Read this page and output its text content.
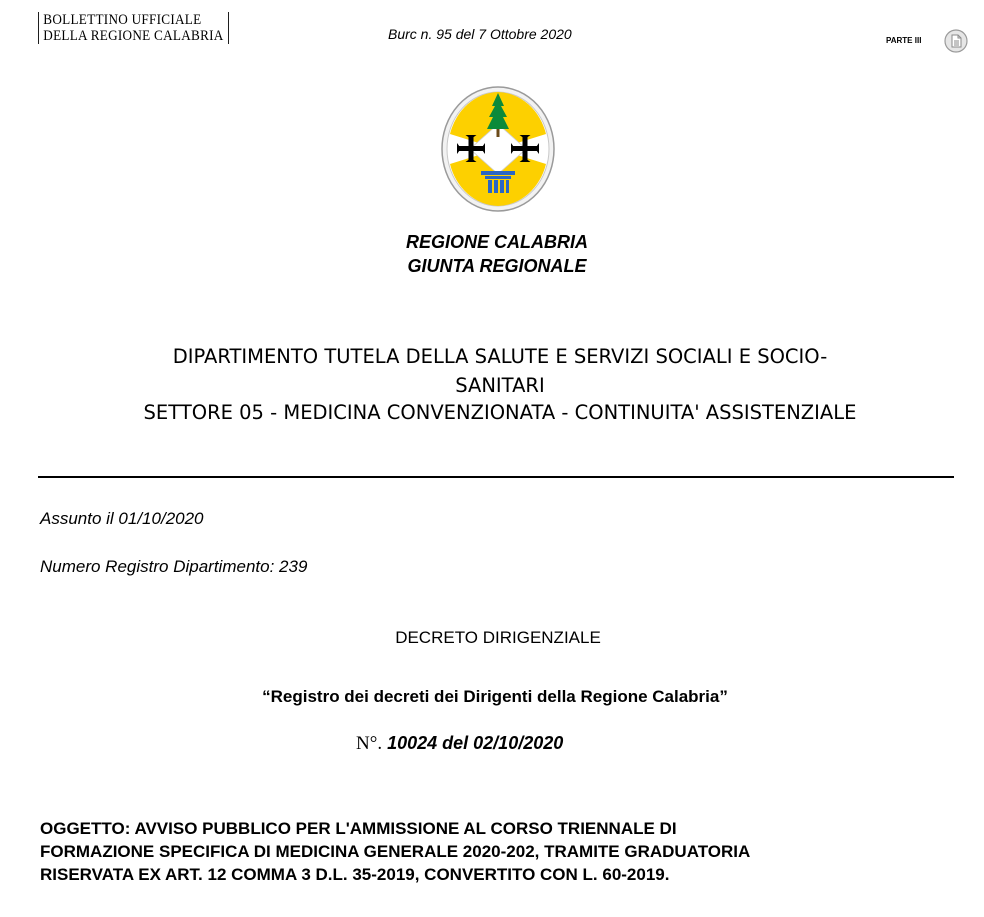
BOLLETTINO UFFICIALE
DELLA REGIONE CALABRIA	Burc n. 95 del 7 Ottobre 2020	PARTE III
REGIONE CALABRIA
GIUNTA REGIONALE
DIPARTIMENTO TUTELA DELLA SALUTE E SERVIZI SOCIALI E SOCIO-
SANITARI
SETTORE 05 - MEDICINA CONVENZIONATA - CONTINUITA' ASSISTENZIALE
Assunto il 01/10/2020
Numero Registro Dipartimento: 239
DECRETO DIRIGENZIALE
“Registro dei decreti dei Dirigenti della Regione Calabria”
N°. 10024 del 02/10/2020
OGGETTO: AVVISO PUBBLICO PER L'AMMISSIONE AL CORSO TRIENNALE DI
FORMAZIONE SPECIFICA DI MEDICINA GENERALE 2020-202, TRAMITE GRADUATORIA
RISERVATA EX ART. 12 COMMA 3 D.L. 35-2019, CONVERTITO CON L. 60-2019.
